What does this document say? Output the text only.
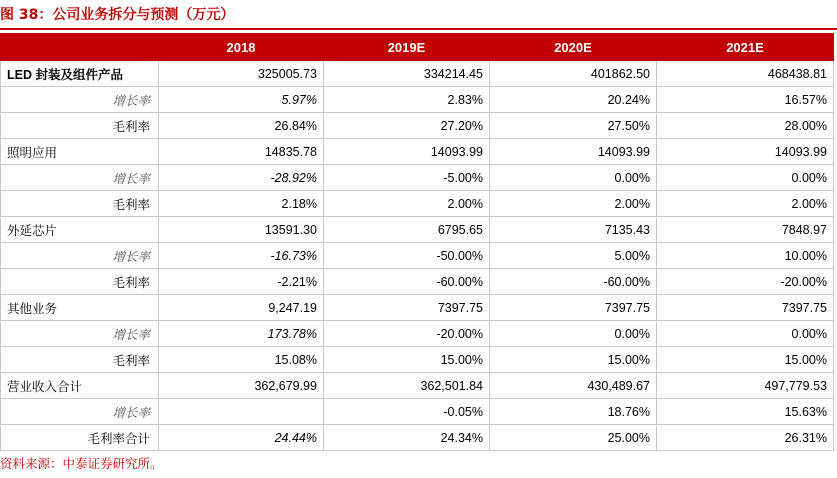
图 38：公司业务拆分与预测（万元）
	2018	2019E	2020E	2021E
LED 封装及组件产品	325005.73	334214.45	401862.50	468438.81
增长率	5.97%	2.83%	20.24%	16.57%
毛利率	26.84%	27.20%	27.50%	28.00%
照明应用	14835.78	14093.99	14093.99	14093.99
增长率	-28.92%	-5.00%	0.00%	0.00%
毛利率	2.18%	2.00%	2.00%	2.00%
外延芯片	13591.30	6795.65	7135.43	7848.97
增长率	-16.73%	-50.00%	5.00%	10.00%
毛利率	-2.21%	-60.00%	-60.00%	-20.00%
其他业务	9,247.19	7397.75	7397.75	7397.75
增长率	173.78%	-20.00%	0.00%	0.00%
毛利率	15.08%	15.00%	15.00%	15.00%
营业收入合计	362,679.99	362,501.84	430,489.67	497,779.53
增长率		-0.05%	18.76%	15.63%
毛利率合计	24.44%	24.34%	25.00%	26.31%
资料来源：中泰证券研究所。
